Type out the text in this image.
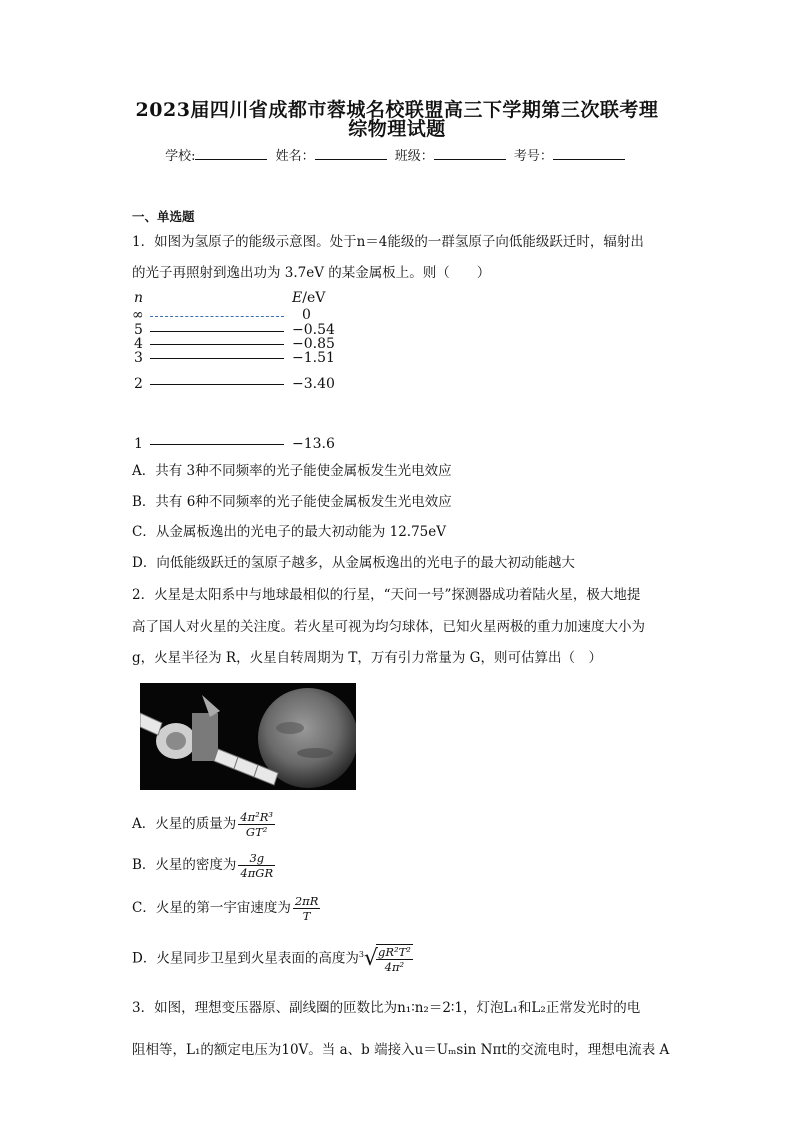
2023届四川省成都市蓉城名校联盟高三下学期第三次联考理
综物理试题
学校:	姓名：	班级：	考号：
一、单选题
1．如图为氢原子的能级示意图。处于n＝4能级的一群氢原子向低能级跃迁时，辐射出
的光子再照射到逸出功为 3.7eV 的某金属板上。则（　　）
n	E/eV
∞	0
5	−0.54
4	−0.85
3	−1.51
2	−3.40
1	−13.6
A．共有 3种不同频率的光子能使金属板发生光电效应
B．共有 6种不同频率的光子能使金属板发生光电效应
C．从金属板逸出的光电子的最大初动能为 12.75eV
D．向低能级跃迁的氢原子越多，从金属板逸出的光电子的最大初动能越大
2．火星是太阳系中与地球最相似的行星，“天问一号”探测器成功着陆火星，极大地提
高了国人对火星的关注度。若火星可视为均匀球体，已知火星两极的重力加速度大小为
g，火星半径为 R，火星自转周期为 T，万有引力常量为 G，则可估算出（　）
A．火星的质量为 $\frac{\text{4π²R³}}{\text{GT²}}$
B．火星的密度为 $\frac{3g}{\text{4πGR}}$
C．火星的第一宇宙速度为 $\frac{2\pi R}{T}$
D．火星同步卫星到火星表面的高度为$^3$√
$\frac{\text{gR²T²}}{\text{4π²}}$
3．如图，理想变压器原、副线圈的匝数比为n₁∶n₂＝2∶1，灯泡L₁和L₂正常发光时的电
阻相等，L₁的额定电压为10V。当 a、b 端接入u＝Uₘsin Nπt的交流电时，理想电流表 A
